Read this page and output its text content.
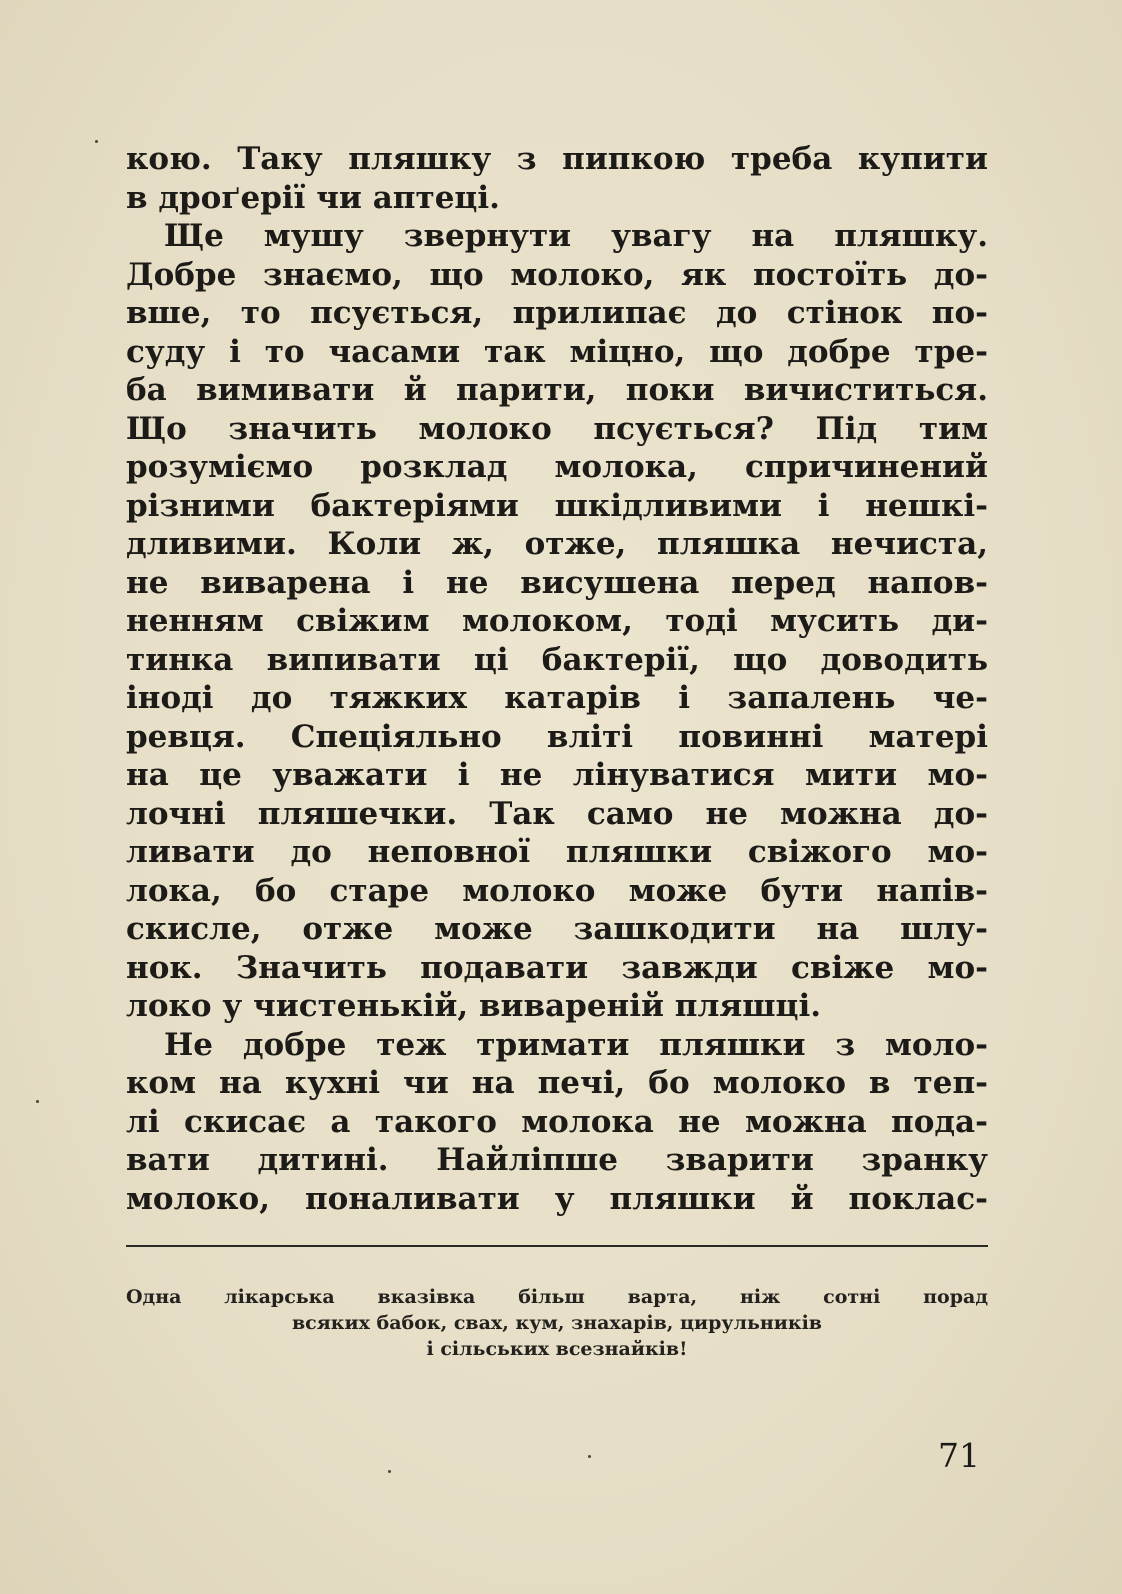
кою. Таку пляшку з пипкою треба купити
в дроґерії чи аптеці.
Ще мушу звернути увагу на пляшку.
Добре знаємо, що молоко, як постоїть до-
вше, то псується, прилипає до стінок по-
суду і то часами так міцно, що добре тре-
ба вимивати й парити, поки вичиститься.
Що значить молоко псується? Під тим
розуміємо розклад молока, спричинений
різними бактеріями шкідливими і нешкі-
дливими. Коли ж, отже, пляшка нечиста,
не виварена і не висушена перед напов-
ненням свіжим молоком, тоді мусить ди-
тинка випивати ці бактерії, що доводить
іноді до тяжких катарів і запалень че-
ревця. Спеціяльно вліті повинні матері
на це уважати і не лінуватися мити мо-
лочні пляшечки. Так само не можна до-
ливати до неповної пляшки свіжого мо-
лока, бо старе молоко може бути напів-
скисле, отже може зашкодити на шлу-
нок. Значить подавати завжди свіже мо-
локо у чистенькій, вивареній пляшці.
Не добре теж тримати пляшки з моло-
ком на кухні чи на печі, бо молоко в теп-
лі скисає а такого молока не можна пода-
вати дитині. Найліпше зварити зранку
молоко, поналивати у пляшки й поклас-
Одна лікарська вказівка більш варта, ніж сотні порад
всяких бабок, свах, кум, знахарів, цирульників
і сільських всезнайків!
71
